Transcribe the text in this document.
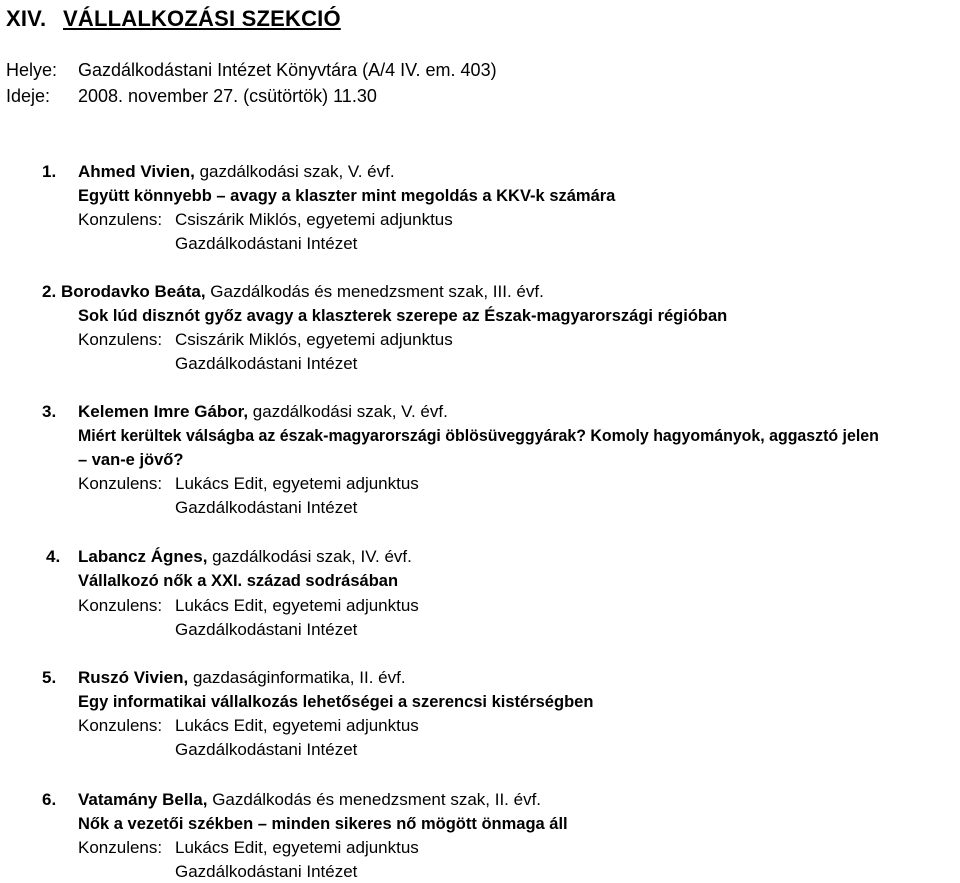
XIV. VÁLLALKOZÁSI SZEKCIÓ
Helye:	Gazdálkodástani Intézet Könyvtára (A/4 IV. em. 403)
Ideje:	2008. november 27. (csütörtök) 11.30
1. Ahmed Vivien, gazdálkodási szak, V. évf.
Együtt könnyebb – avagy a klaszter mint megoldás a KKV-k számára
Konzulens: Csiszárik Miklós, egyetemi adjunktus
Gazdálkodástani Intézet
2. Borodavko Beáta, Gazdálkodás és menedzsment szak, III. évf.
Sok lúd disznót győz avagy a klaszterek szerepe az Észak-magyarországi régióban
Konzulens: Csiszárik Miklós, egyetemi adjunktus
Gazdálkodástani Intézet
3. Kelemen Imre Gábor, gazdálkodási szak, V. évf.
Miért kerültek válságba az észak-magyarországi öblösüveggyárak? Komoly hagyományok, aggasztó jelen
– van-e jövő?
Konzulens: Lukács Edit, egyetemi adjunktus
Gazdálkodástani Intézet
4. Labancz Ágnes, gazdálkodási szak, IV. évf.
Vállalkozó nők a XXI. század sodrásában
Konzulens: Lukács Edit, egyetemi adjunktus
Gazdálkodástani Intézet
5. Ruszó Vivien, gazdaságinformatika, II. évf.
Egy informatikai vállalkozás lehetőségei a szerencsi kistérségben
Konzulens: Lukács Edit, egyetemi adjunktus
Gazdálkodástani Intézet
6. Vatamány Bella, Gazdálkodás és menedzsment szak, II. évf.
Nők a vezetői székben – minden sikeres nő mögött önmaga áll
Konzulens: Lukács Edit, egyetemi adjunktus
Gazdálkodástani Intézet
